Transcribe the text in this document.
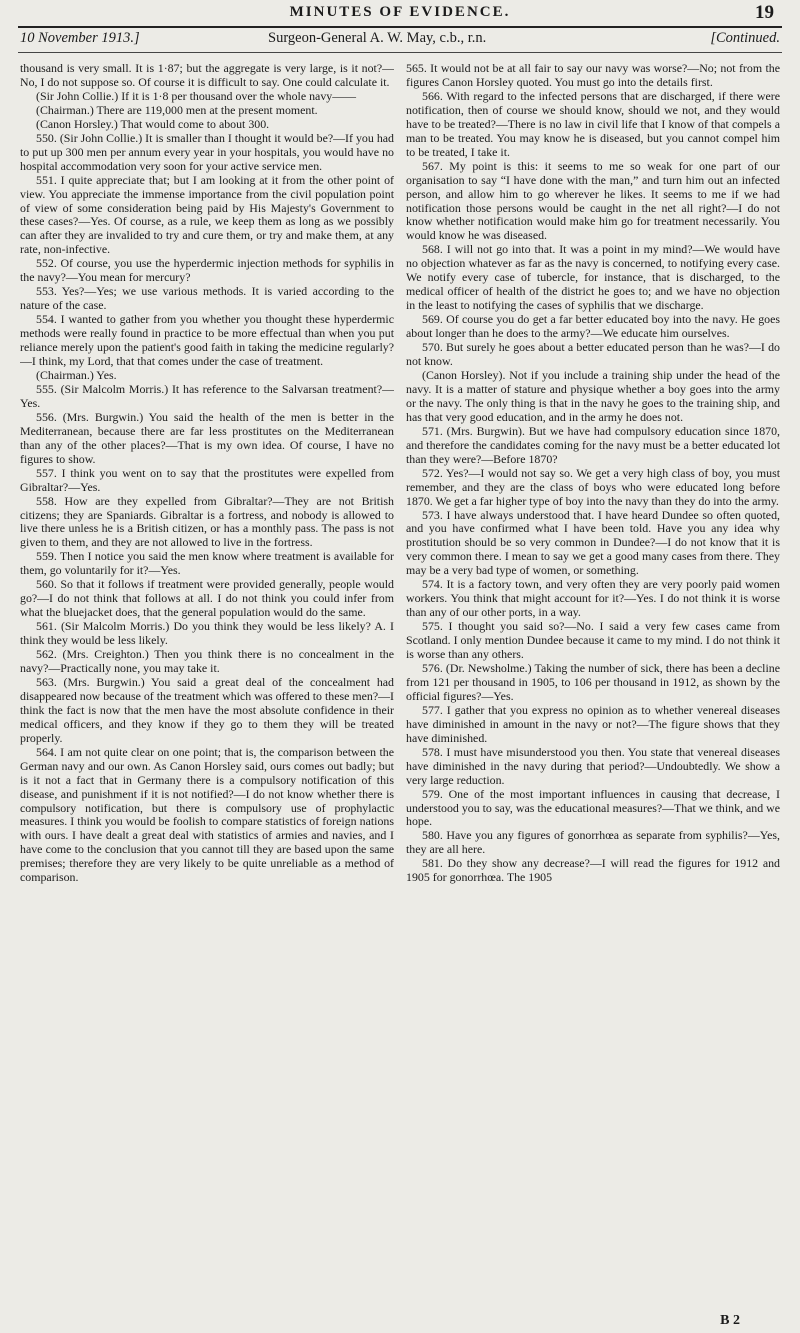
MINUTES OF EVIDENCE.	19
10 November 1913.]	Surgeon-General A. W. May, c.b., r.n.	[Continued.

thousand is very small. It is 1·87; but the aggregate is very large, is it not?—No, I do not suppose so. Of course it is difficult to say. One could calculate it.

(Sir John Collie.) If it is 1·8 per thousand over the whole navy——

(Chairman.) There are 119,000 men at the present moment.

(Canon Horsley.) That would come to about 300.

550. (Sir John Collie.) It is smaller than I thought it would be?—If you had to put up 300 men per annum every year in your hospitals, you would have no hospital accommodation very soon for your active service men.

551. I quite appreciate that; but I am looking at it from the other point of view. You appreciate the immense importance from the civil population point of view of some consideration being paid by His Majesty's Government to these cases?—Yes. Of course, as a rule, we keep them as long as we possibly can after they are invalided to try and cure them, or try and make them, at any rate, non-infective.

552. Of course, you use the hyperdermic injection methods for syphilis in the navy?—You mean for mercury?

553. Yes?—Yes; we use various methods. It is varied according to the nature of the case.

554. I wanted to gather from you whether you thought these hyperdermic methods were really found in practice to be more effectual than when you put reliance merely upon the patient's good faith in taking the medicine regularly?—I think, my Lord, that that comes under the case of treatment.

(Chairman.) Yes.

555. (Sir Malcolm Morris.) It has reference to the Salvarsan treatment?—Yes.

556. (Mrs. Burgwin.) You said the health of the men is better in the Mediterranean, because there are far less prostitutes on the Mediterranean than any of the other places?—That is my own idea. Of course, I have no figures to show.

557. I think you went on to say that the prostitutes were expelled from Gibraltar?—Yes.

558. How are they expelled from Gibraltar?—They are not British citizens; they are Spaniards. Gibraltar is a fortress, and nobody is allowed to live there unless he is a British citizen, or has a monthly pass. The pass is not given to them, and they are not allowed to live in the fortress.

559. Then I notice you said the men know where treatment is available for them, go voluntarily for it?—Yes.

560. So that it follows if treatment were provided generally, people would go?—I do not think that follows at all. I do not think you could infer from what the bluejacket does, that the general population would do the same.

561. (Sir Malcolm Morris.) Do you think they would be less likely? A. I think they would be less likely.

562. (Mrs. Creighton.) Then you think there is no concealment in the navy?—Practically none, you may take it.

563. (Mrs. Burgwin.) You said a great deal of the concealment had disappeared now because of the treatment which was offered to these men?—I think the fact is now that the men have the most absolute confidence in their medical officers, and they know if they go to them they will be treated properly.

564. I am not quite clear on one point; that is, the comparison between the German navy and our own. As Canon Horsley said, ours comes out badly; but is it not a fact that in Germany there is a compulsory notification of this disease, and punishment if it is not notified?—I do not know whether there is compulsory notification, but there is compulsory use of prophylactic measures. I think you would be foolish to compare statistics of foreign nations with ours. I have dealt a great deal with statistics of armies and navies, and I have come to the conclusion that you cannot till they are based upon the same premises; therefore they are very likely to be quite unreliable as a method of comparison.

565. It would not be at all fair to say our navy was worse?—No; not from the figures Canon Horsley quoted. You must go into the details first.

566. With regard to the infected persons that are discharged, if there were notification, then of course we should know, should we not, and they would have to be treated?—There is no law in civil life that I know of that compels a man to be treated. You may know he is diseased, but you cannot compel him to be treated, I take it.

567. My point is this: it seems to me so weak for one part of our organisation to say “I have done with the man,” and turn him out an infected person, and allow him to go wherever he likes. It seems to me if we had notification those persons would be caught in the net all right?—I do not know whether notification would make him go for treatment necessarily. You would know he was diseased.

568. I will not go into that. It was a point in my mind?—We would have no objection whatever as far as the navy is concerned, to notifying every case. We notify every case of tubercle, for instance, that is discharged, to the medical officer of health of the district he goes to; and we have no objection in the least to notifying the cases of syphilis that we discharge.

569. Of course you do get a far better educated boy into the navy. He goes about longer than he does to the army?—We educate him ourselves.

570. But surely he goes about a better educated person than he was?—I do not know.

(Canon Horsley). Not if you include a training ship under the head of the navy. It is a matter of stature and physique whether a boy goes into the army or the navy. The only thing is that in the navy he goes to the training ship, and has that very good education, and in the army he does not.

571. (Mrs. Burgwin). But we have had compulsory education since 1870, and therefore the candidates coming for the navy must be a better educated lot than they were?—Before 1870?

572. Yes?—I would not say so. We get a very high class of boy, you must remember, and they are the class of boys who were educated long before 1870. We get a far higher type of boy into the navy than they do into the army.

573. I have always understood that. I have heard Dundee so often quoted, and you have confirmed what I have been told. Have you any idea why prostitution should be so very common in Dundee?—I do not know that it is very common there. I mean to say we get a good many cases from there. They may be a very bad type of women, or something.

574. It is a factory town, and very often they are very poorly paid women workers. You think that might account for it?—Yes. I do not think it is worse than any of our other ports, in a way.

575. I thought you said so?—No. I said a very few cases came from Scotland. I only mention Dundee because it came to my mind. I do not think it is worse than any others.

576. (Dr. Newsholme.) Taking the number of sick, there has been a decline from 121 per thousand in 1905, to 106 per thousand in 1912, as shown by the official figures?—Yes.

577. I gather that you express no opinion as to whether venereal diseases have diminished in amount in the navy or not?—The figure shows that they have diminished.

578. I must have misunderstood you then. You state that venereal diseases have diminished in the navy during that period?—Undoubtedly. We show a very large reduction.

579. One of the most important influences in causing that decrease, I understood you to say, was the educational measures?—That we think, and we hope.

580. Have you any figures of gonorrhœa as separate from syphilis?—Yes, they are all here.

581. Do they show any decrease?—I will read the figures for 1912 and 1905 for gonorrhœa. The 1905

B 2
